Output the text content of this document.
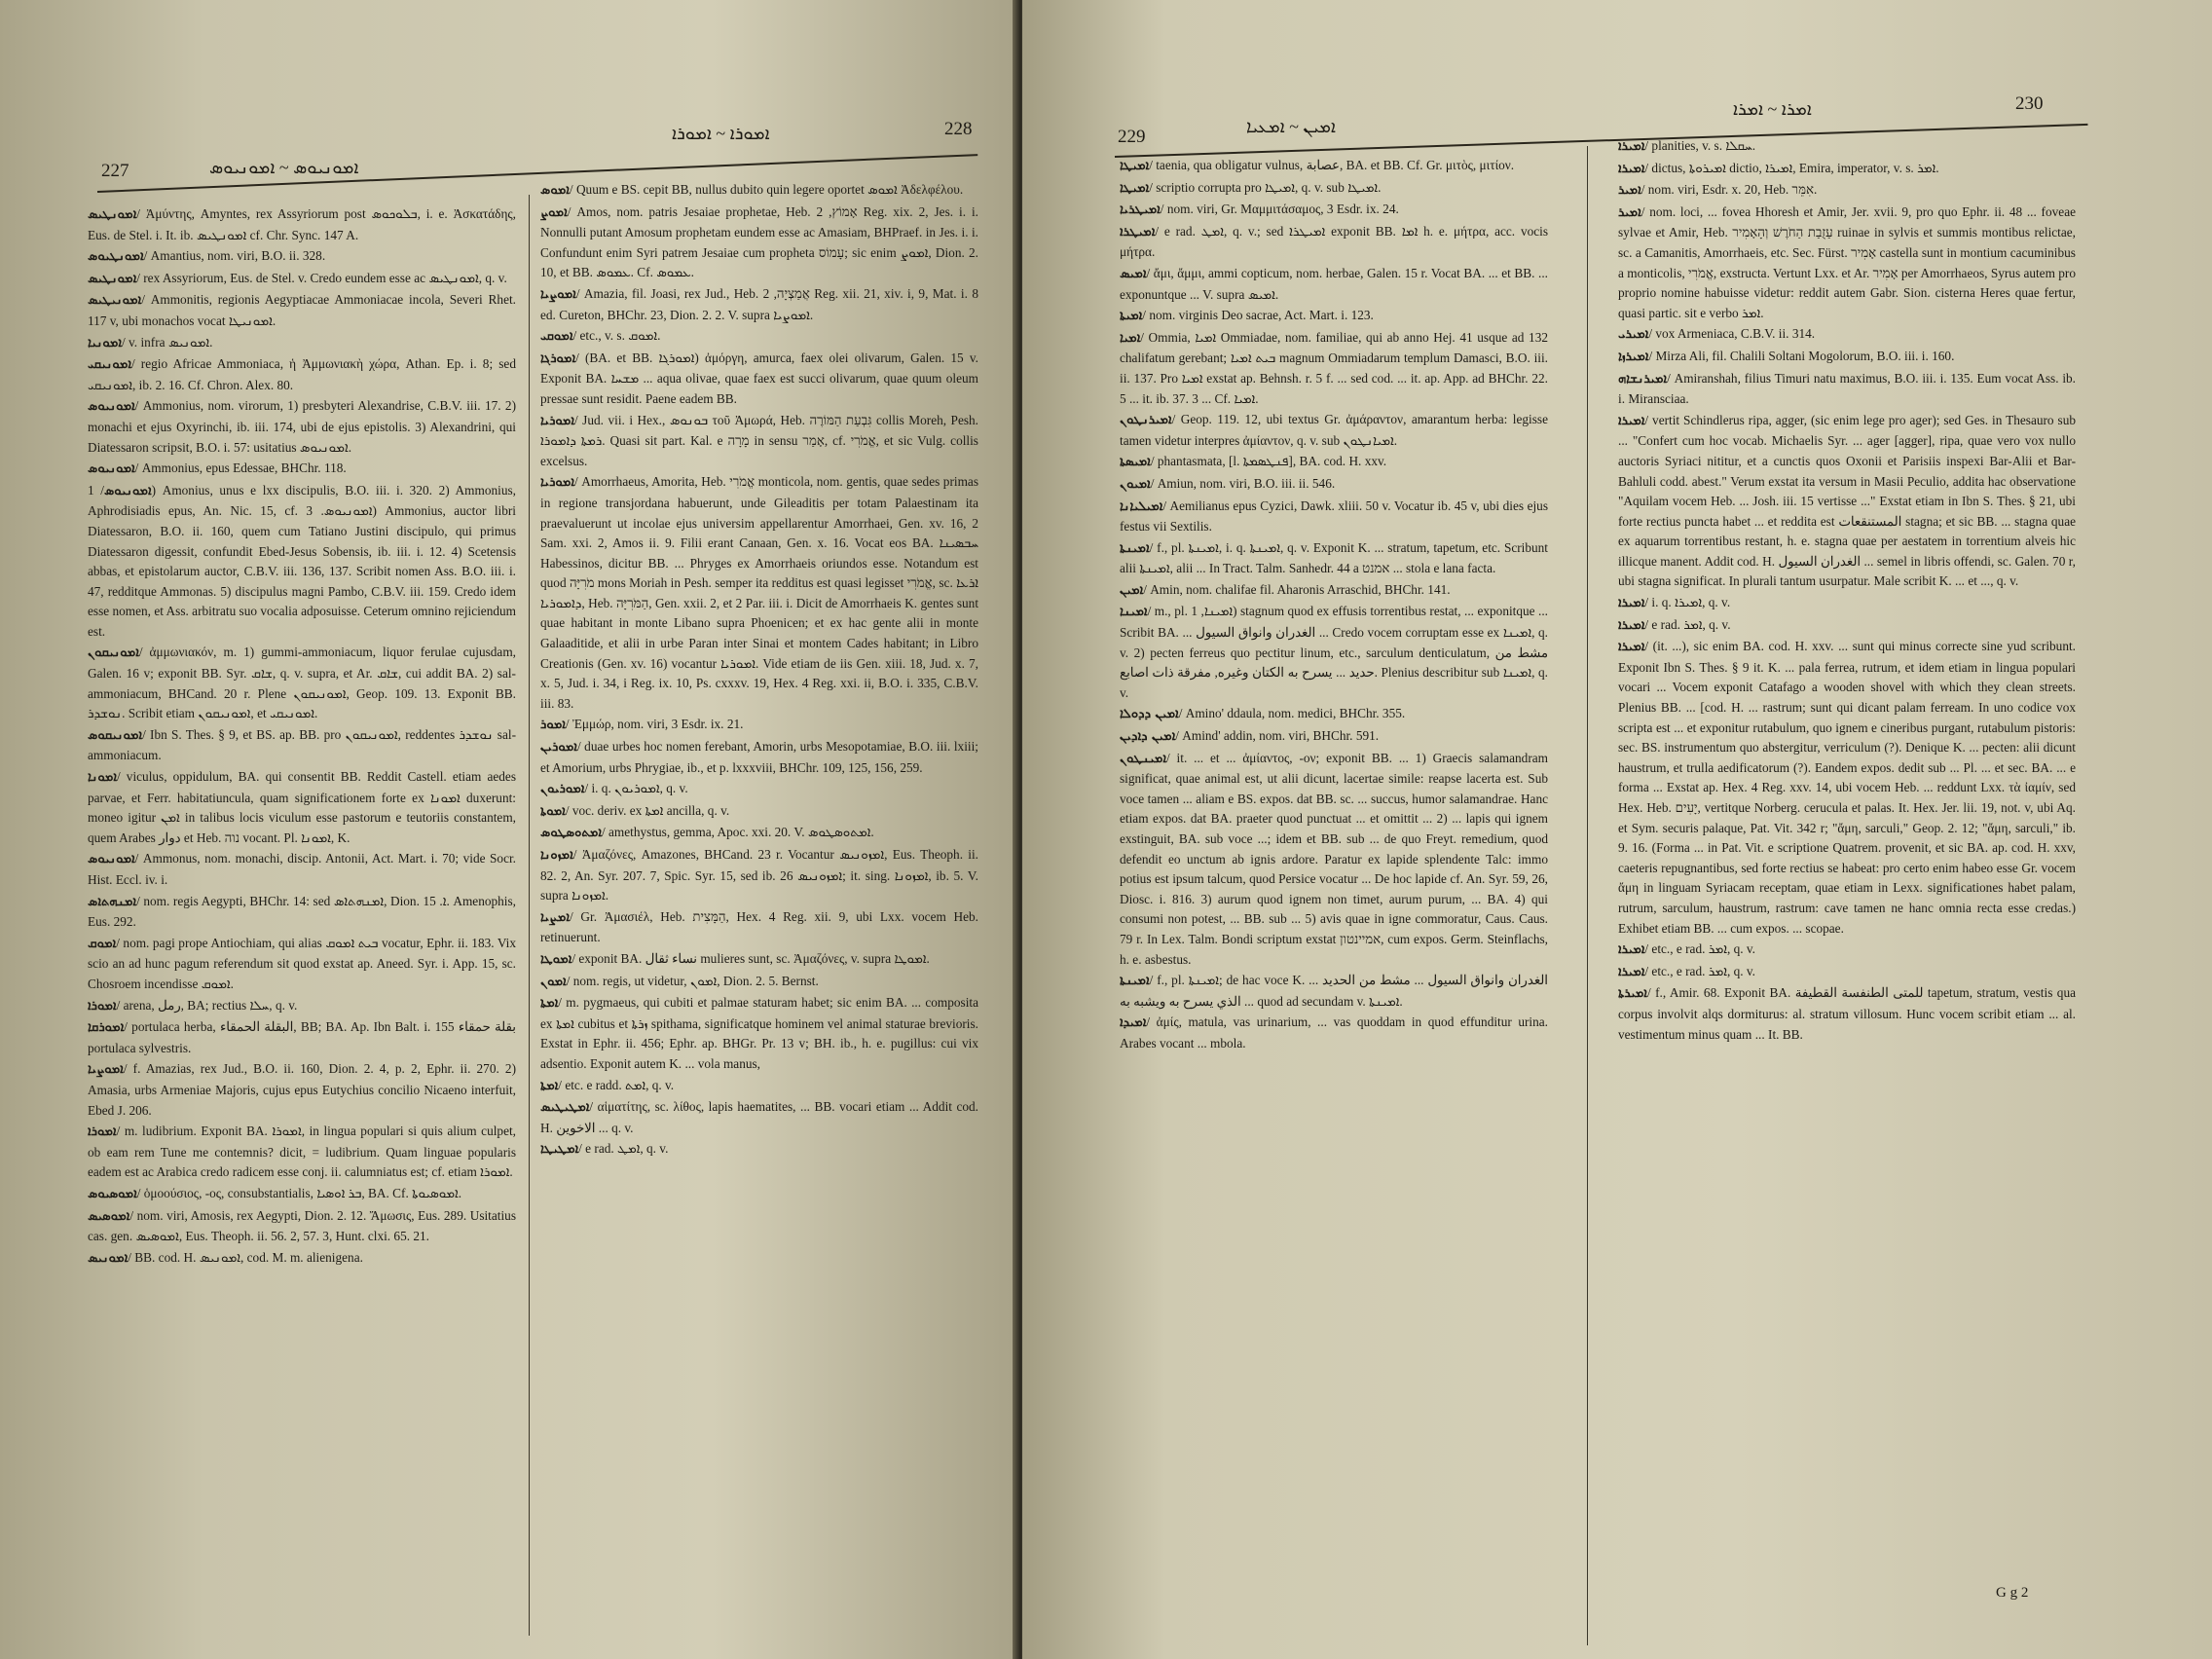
227	ܐܡܘܢܝܘܣ ~ ܐܡܘܢܝܘܣ
ܐܡܘܪܐ ~ ܐܡܘܪܐ	228

ܐܡܘܢܛܝܣ/ Ἀμύντης, Amyntes, rex Assyriorum post ܒܠܘܟܘܣ, i. e. Ἀσκατάδης, Eus. de Stel. i. It. ib. ܐܡܘܢܛܝܣ cf. Chr. Sync. 147 A.

ܐܡܘܢܛܝܘܣ/ Amantius, nom. viri, B.O. ii. 328.

ܐܡܘܢܛܝܣ/ rex Assyriorum, Eus. de Stel. v. Credo eundem esse ac ܐܡܘܢܛܝܣ, q. v.

ܐܡܘܢܝܛܝܣ/ Ammonitis, regionis Aegyptiacae Ammoniacae incola, Severi Rhet. 117 v, ubi monachos vocat ܐܡܘܢܝܛܐ.

ܐܡܘܢܝܐ/ v. infra ܐܡܘܢܝܣ.

ܐܡܘܢܝܩܝ/ regio Africae Ammoniaca, ἡ Ἀμμωνιακὴ χώρα, Athan. Ep. i. 8; sed ܐܡܘܢܝܩܝ, ib. 2. 16. Cf. Chron. Alex. 80.

ܐܡܘܢܝܘܣ/ Ammonius, nom. virorum, 1) presbyteri Alexandrise, C.B.V. iii. 17. 2) monachi et ejus Oxyrinchi, ib. iii. 174, ubi de ejus epistolis. 3) Alexandrini, qui Diatessaron scripsit, B.O. i. 57: usitatius ܐܡܘܢܝܘܣ.

ܐܡܘܢܝܘܣ/ Ammonius, epus Edessae, BHChr. 118.

ܐܡܘܢܝܘܣ/ 1) Amonius, unus e lxx discipulis, B.O. iii. i. 320. 2) Ammonius, Aphrodisiadis epus, An. Nic. 15, cf. ܐܡܘܢܝܘܣ. 3) Ammonius, auctor libri Diatessaron, B.O. ii. 160, quem cum Tatiano Justini discipulo, qui primus Diatessaron digessit, confundit Ebed-Jesus Sobensis, ib. iii. i. 12. 4) Scetensis abbas, et epistolarum auctor, C.B.V. iii. 136, 137. Scribit nomen Ass. B.O. iii. i. 47, redditque Ammonas. 5) discipulus magni Pambo, C.B.V. iii. 159. Credo idem esse nomen, et Ass. arbitratu suo vocalia adposuisse. Ceterum omnino rejiciendum est.

ܐܡܘܢܝܩܘܢ/ ἀμμωνιακόν, m. 1) gummi-ammoniacum, liquor ferulae cujusdam, Galen. 16 v; exponit BB. Syr. ܫܐܩ, q. v. supra, et Ar. ܫܐܩ, cui addit BA. 2) sal-ammoniacum, BHCand. 20 r. Plene ܐܡܘܢܝܩܘܢ, Geop. 109. 13. Exponit BB. ܢܘܫܕܪ. Scribit etiam ܐܡܘܢܝܩܘܢ, et ܐܡܘܢܝܩܝ.

ܐܡܘܢܝܩܘܣ/ Ibn S. Thes. § 9, et BS. ap. BB. pro ܐܡܘܢܝܩܘܢ, reddentes ܢܘܫܕܪ sal-ammoniacum.

ܐܡܘܢܐ/ viculus, oppidulum, BA. qui consentit BB. Reddit Castell. etiam aedes parvae, et Ferr. habitatiuncula, quam significationem forte ex ܐܡܘܢܐ duxerunt: moneo igitur ܐܡܢ in talibus locis viculum esse pastorum e teutoriis constantem, quem Arabes دوار et Heb. נוה vocant. Pl. ܐܡܘܢܐ, K.

ܐܡܘܢܝܘܣ/ Ammonus, nom. monachi, discip. Antonii, Act. Mart. i. 70; vide Socr. Hist. Eccl. iv. i.

ܐܡܢܗܬܐܣ/ nom. regis Aegypti, BHChr. 14: sed ܐܡܢܗܬܐܣ, Dion. ܐ. 15. Amenophis, Eus. 292.

ܐܡܘܩ/ nom. pagi prope Antiochiam, qui alias ܒܝܬ ܐܡܘܩ vocatur, Ephr. ii. 183. Vix scio an ad hunc pagum referendum sit quod exstat ap. Aneed. Syr. i. App. 15, sc. Chosroem incendisse ܐܡܘܩ.

ܐܡܘܪܐ/ arena, رمل, BA; rectius ܚܠܐ, q. v.

ܐܡܘܪܩܐ/ portulaca herba, البقلة الحمقاء, BB; BA. Ap. Ibn Balt. i. 155 بقلة حمقاء portulaca sylvestris.

ܐܡܘܨܝܐ/ f. Amazias, rex Jud., B.O. ii. 160, Dion. 2. 4, p. 2, Ephr. ii. 270. 2) Amasia, urbs Armeniae Majoris, cujus epus Eutychius concilio Nicaeno interfuit, Ebed J. 206.

ܐܡܘܪܐ/ m. ludibrium. Exponit BA. ܐܡܘܪܐ, in lingua populari si quis alium culpet, ob eam rem Tune me contemnis? dicit, = ludibrium. Quam linguae popularis eadem est ac Arabica credo radicem esse conj. ii. calumniatus est; cf. etiam ܐܡܘܪܐ.

ܐܡܘܣܝܘܣ/ ὁμοούσιος, -ος, consubstantialis, ܒܪ ܐܘܣܝܐ, BA. Cf. ܐܡܘܣܝܘܬܐ.

ܐܡܘܣܝܣ/ nom. viri, Amosis, rex Aegypti, Dion. 2. 12. Ἄμωσις, Eus. 289. Usitatius cas. gen. ܐܡܘܣܝܣ, Eus. Theoph. ii. 56. 2, 57. 3, Hunt. clxi. 65. 21.

ܐܡܘܢܝܣ/ BB. cod. H. ܐܡܘܢܝܣ, cod. M. m. alienigena.

ܐܡܘܣ/ Quum e BS. cepit BB, nullus dubito quin legere oportet ܐܡܘܣ Ἀδελφέλου.

ܐܡܘܨ/ Amos, nom. patris Jesaiae prophetae, Heb. אָמוֹץ, 2 Reg. xix. 2, Jes. i. i. Nonnulli putant Amosum prophetam eundem esse ac Amasiam, BHPraef. in Jes. i. i. Confundunt enim Syri patrem Jesaiae cum propheta עָמוֹס; sic enim ܐܡܘܨ, Dion. 2. 10, et BB. ܥܡܘܣ. Cf. ܥܡܘܣ.

ܐܡܘܨܝܐ/ Amazia, fil. Joasi, rex Jud., Heb. אֲמַצְיָה, 2 Reg. xii. 21, xiv. i, 9, Mat. i. 8 ed. Cureton, BHChr. 23, Dion. 2. 2. V. supra ܐܡܘܨܝܐ.

ܐܡܘܩܝ/ etc., v. s. ܐܡܘܩ.

ܐܡܘܪܓܐ/ (BA. et BB. ܐܡܘܪܓܐ) ἀμόργη, amurca, faex olei olivarum, Galen. 15 v. Exponit BA. ܡܫܚܐ ... aqua olivae, quae faex est succi olivarum, quae quum oleum pressae sunt residit. Paene eadem BB.

ܐܡܘܪܝܐ/ Jud. vii. i Hex., ܒܘܢܘܣ τοῦ Ἀμωρά, Heb. גִּבְעַת הַמּוֹרֶה collis Moreh, Pesh. ܪܡܬܐ ܕܐܡܘܪܐ. Quasi sit part. Kal. e מָרָה in sensu אָמַר, cf. אֱמֹרִי, et sic Vulg. collis excelsus.

ܐܡܘܪܝܐ/ Amorrhaeus, Amorita, Heb. אֱמֹרִי monticola, nom. gentis, quae sedes primas in regione transjordana habuerunt, unde Gileaditis per totam Palaestinam ita praevaluerunt ut incolae ejus universim appellarentur Amorrhaei, Gen. xv. 16, 2 Sam. xxi. 2, Amos ii. 9. Filii erant Canaan, Gen. x. 16. Vocat eos BA. ܚܒܣܝܢܐ Habessinos, dicitur BB. ... Phryges ex Amorrhaeis oriundos esse. Notandum est quod מֹרִיָּה mons Moriah in Pesh. semper ita redditus est quasi legisset אֱמֹרִי, sc. ܐܪܥܐ ܕܐܡܘܪܝܐ, Heb. הַמֹּרִיָּה, Gen. xxii. 2, et 2 Par. iii. i. Dicit de Amorrhaeis K. gentes sunt quae habitant in monte Libano supra Phoenicen; et ex hac gente alii in monte Galaaditide, et alii in urbe Paran inter Sinai et montem Cades habitant; in Libro Creationis (Gen. xv. 16) vocantur ܐܡܘܪܝܐ. Vide etiam de iis Gen. xiii. 18, Jud. x. 7, x. 5, Jud. i. 34, i Reg. ix. 10, Ps. cxxxv. 19, Hex. 4 Reg. xxi. ii, B.O. i. 335, C.B.V. iii. 83.

ܐܡܘܪ/ Ἐμμώρ, nom. viri, 3 Esdr. ix. 21.

ܐܡܘܪܝܢ/ duae urbes hoc nomen ferebant, Amorin, urbs Mesopotamiae, B.O. iii. lxiii; et Amorium, urbs Phrygiae, ib., et p. lxxxviii, BHChr. 109, 125, 156, 259.

ܐܡܘܪܝܘܢ/ i. q. ܐܡܘܪܝܘܢ, q. v.

ܐܡܘܬܐ/ voc. deriv. ex ܐܡܬܐ ancilla, q. v.

ܐܡܬܘܣܛܘܣ/ amethystus, gemma, Apoc. xxi. 20. V. ܐܡܬܘܣܛܘܣ.

ܐܡܙܘܢܐ/ Ἀμαζόνες, Amazones, BHCand. 23 r. Vocantur ܐܡܙܘܢܝܣ, Eus. Theoph. ii. 82. 2, An. Syr. 207. 7, Spic. Syr. 15, sed ib. 26 ܐܡܙܘܢܝܣ; it. sing. ܐܡܙܘܢܐ, ib. 5. V. supra ܐܡܙܘܢܐ.

ܐܡܨܝܐ/ Gr. Ἀμασιέλ, Heb. הַמָּצִית, Hex. 4 Reg. xii. 9, ubi Lxx. vocem Heb. retinuerunt.

ܐܡܘܛܐ/ exponit BA. نساء ثقال mulieres sunt, sc. Ἀμαζόνες, v. supra ܐܡܘܛܐ.

ܐܡܘܢ/ nom. regis, ut videtur, ܐܡܘܢ, Dion. 2. 5. Bernst.

ܐܡܬܐ/ m. pygmaeus, qui cubiti et palmae staturam habet; sic enim BA. ... composita ex ܐܡܬܐ cubitus et ܙܪܬܐ spithama, significatque hominem vel animal staturae brevioris. Exstat in Ephr. ii. 456; Ephr. ap. BHGr. Pr. 13 v; BH. ib., h. e. pugillus: cui vix adsentio. Exponit autem K. ... vola manus,

ܐܡܬܐ/ etc. e radd. ܐܡܬ, q. v.

ܐܡܛܝܛܝܣ/ αἱματίτης, sc. λίθος, lapis haematites, ... BB. vocari etiam ... Addit cod. H. الاخوين ... q. v.

ܐܡܛܝܛܐ/ e rad. ܐܡܛ, q. v.

229	ܐܡܝܢ ~ ܐܡܥܝܐ
ܐܡܪܐ ~ ܐܡܪܐ	230

ܐܡܝܛܐ/ taenia, qua obligatur vulnus, عصابة, BA. et BB. Cf. Gr. μιτὸς, μιτίον.

ܐܡܝܛܐ/ scriptio corrupta pro ܐܡܝܛܐ, q. v. sub ܐܡܝܛܐ.

ܐܡܝܛܪܝܐ/ nom. viri, Gr. Μαμμιτάσαμος, 3 Esdr. ix. 24.

ܐܡܝܛܪܐ/ e rad. ܐܡܛ, q. v.; sed ܐܡܝܛܪܐ exponit BB. ܐܡܐ h. e. μήτρα, acc. vocis μήτρα.

ܐܡܝܣ/ ἄμι, ἄμμι, ammi copticum, nom. herbae, Galen. 15 r. Vocat BA. ... et BB. ... exponuntque ... V. supra ܐܡܝܣ.

ܐܡܝܬܐ/ nom. virginis Deo sacrae, Act. Mart. i. 123.

ܐܡܝܐ/ Ommia, ܐܡܝܐ Ommiadae, nom. familiae, qui ab anno Hej. 41 usque ad 132 chalifatum gerebant; ܒܝܬ ܐܡܝܐ magnum Ommiadarum templum Damasci, B.O. iii. ii. 137. Pro ܐܡܝܐ exstat ap. Behnsh. r. 5 f. ... sed cod. ... it. ap. App. ad BHChr. 22. 5 ... it. ib. 37. 3 ... Cf. ܐܡܝܐ.

ܐܡܝܪܢܛܘܢ/ Geop. 119. 12, ubi textus Gr. ἀμάραντον, amarantum herba: legisse tamen videtur interpres ἀμίαντον, q. v. sub ܐܡܝܐܢܛܘܢ.

ܐܡܝܣܬܐ/ phantasmata, [l. ܦܢܛܣܡܬܐ], BA. cod. H. xxv.

ܐܡܝܘܢ/ Amiun, nom. viri, B.O. iii. ii. 546.

ܐܡܝܠܝܐܢܐ/ Aemilianus epus Cyzici, Dawk. xliii. 50 v. Vocatur ib. 45 v, ubi dies ejus festus vii Sextilis.

ܐܡܝܢܬܐ/ f., pl. ܐܡܝܢܬܐ, i. q. ܐܡܝܢܬܐ, q. v. Exponit K. ... stratum, tapetum, etc. Scribunt alii ܐܡܝܢܬܐ, alii ... In Tract. Talm. Sanhedr. 44 a אמנט ... stola e lana facta.

ܐܡܝܢ/ Amin, nom. chalifae fil. Aharonis Arraschid, BHChr. 141.

ܐܡܝܢܐ/ m., pl. ܐܡܝܢܐ, 1) stagnum quod ex effusis torrentibus restat, ... exponitque ... Scribit BA. ... الغدران وانواق السيول ... Credo vocem corruptam esse ex ܐܡܝܢܐ, q. v. 2) pecten ferreus quo pectitur linum, etc., sarculum denticulatum, مشط من حديد ... يسرح به الكتان وغيره, مفرقة ذات اصابع. Plenius describitur sub ܐܡܝܢܐ, q. v.

ܐܡܝܢ ܕܕܘܠܐ/ Amino' ddaula, nom. medici, BHChr. 355.

ܐܡܝܢ ܕܐܕܝܢ/ Amind' addin, nom. viri, BHChr. 591.

ܐܡܝܢܛܘܢ/ it. ... et ... ἀμίαντος, -ον; exponit BB. ... 1) Graecis salamandram significat, quae animal est, ut alii dicunt, lacertae simile: reapse lacerta est. Sub voce tamen ... aliam e BS. expos. dat BB. sc. ... succus, humor salamandrae. Hanc etiam expos. dat BA. praeter quod punctuat ... et omittit ... 2) ... lapis qui ignem exstinguit, BA. sub voce ...; idem et BB. sub ... de quo Freyt. remedium, quod defendit eo unctum ab ignis ardore. Paratur ex lapide splendente Talc: immo potius est ipsum talcum, quod Persice vocatur ... De hoc lapide cf. An. Syr. 59, 26, Diosc. i. 816. 3) aurum quod ignem non timet, aurum purum, ... BA. 4) qui consumi non potest, ... BB. sub ... 5) avis quae in igne commoratur, Caus. Caus. 79 r. In Lex. Talm. Bondi scriptum exstat אמיינטון, cum expos. Germ. Steinflachs, h. e. asbestus.

ܐܡܝܢܬܐ/ f., pl. ܐܡܝܢܬܐ; de hac voce K. ... الغدران وانواق السيول ... مشط من الحديد الذي يسرح به ويشبه به ... quod ad secundam v. ܐܡܝܢܬܐ.

ܐܡܝܕܐ/ ἀμίς, matula, vas urinarium, ... vas quoddam in quod effunditur urina. Arabes vocant ... mbola.

ܐܡܝܪܐ/ planities, v. s. ܚܩܠܐ.

ܐܡܝܪܐ/ dictus, ܐܡܝܪܘܬܐ dictio, ܐܡܝܪܐ, Emira, imperator, v. s. ܐܡܪ.

ܐܡܝܪ/ nom. viri, Esdr. x. 20, Heb. אִמֵּר.

ܐܡܝܪ/ nom. loci, ... fovea Hhoresh et Amir, Jer. xvii. 9, pro quo Ephr. ii. 48 ... foveae sylvae et Amir, Heb. עַזֻבַת הַחֹרֶשׁ וְהָאָמִיר ruinae in sylvis et summis montibus relictae, sc. a Camanitis, Amorrhaeis, etc. Sec. Fürst. אָמִיר castella sunt in montium cacuminibus a monticolis, אֱמֹרִי, exstructa. Vertunt Lxx. et Ar. אָמִיר per Amorrhaeos, Syrus autem pro proprio nomine habuisse videtur: reddit autem Gabr. Sion. cisterna Heres quae fertur, quasi partic. sit e verbo ܐܡܪ.

ܐܡܝܪܝ/ vox Armeniaca, C.B.V. ii. 314.

ܐܡܝܪܙܐ/ Mirza Ali, fil. Chalili Soltani Mogolorum, B.O. iii. i. 160.

ܐܡܝܪܢܫܐܗ/ Amiranshah, filius Timuri natu maximus, B.O. iii. i. 135. Eum vocat Ass. ib. i. Miransciaa.

ܐܡܝܪܐ/ vertit Schindlerus ripa, agger, (sic enim lege pro ager); sed Ges. in Thesauro sub ... "Confert cum hoc vocab. Michaelis Syr. ... ager [agger], ripa, quae vero vox nullo auctoris Syriaci nititur, et a cunctis quos Oxonii et Parisiis inspexi Bar-Alii et Bar-Bahluli codd. abest." Verum exstat ita versum in Masii Peculio, addita hac observatione "Aquilam vocem Heb. ... Josh. iii. 15 vertisse ..." Exstat etiam in Ibn S. Thes. § 21, ubi forte rectius puncta habet ... et reddita est المستنقعات stagna; et sic BB. ... stagna quae ex aquarum torrentibus restant, h. e. stagna quae per aestatem in torrentium alveis hic illicque manent. Addit cod. H. الغدران السيول ... semel in libris offendi, sc. Galen. 70 r, ubi stagna significat. In plurali tantum usurpatur. Male scribit K. ... et ..., q. v.

ܐܡܝܪܐ/ i. q. ܐܡܝܪܐ, q. v.

ܐܡܝܪܐ/ e rad. ܐܡܪ, q. v.

ܐܡܝܪܐ/ (it. ...), sic enim BA. cod. H. xxv. ... sunt qui minus correcte sine yud scribunt. Exponit Ibn S. Thes. § 9 it. K. ... pala ferrea, rutrum, et idem etiam in lingua populari vocari ... Vocem exponit Catafago a wooden shovel with which they clean streets. Plenius BB. ... [cod. H. ... rastrum; sunt qui dicant palam ferream. In uno codice vox scripta est ... et exponitur rutabulum, quo ignem e cineribus purgant, rutabulum pistoris: sec. BS. instrumentum quo abstergitur, verriculum (?). Denique K. ... pecten: alii dicunt haustrum, et trulla aedificatorum (?). Eandem expos. dedit sub ... Pl. ... et sec. BA. ... e forma ... Exstat ap. Hex. 4 Reg. xxv. 14, ubi vocem Heb. ... reddunt Lxx. τὰ ἰαμίν, sed Hex. Heb. יָעִים, vertitque Norberg. cerucula et palas. It. Hex. Jer. lii. 19, not. v, ubi Aq. et Sym. securis palaque, Pat. Vit. 342 r; "ἄμη, sarculi," Geop. 2. 12; "ἄμη, sarculi," ib. 9. 16. (Forma ... in Pat. Vit. e scriptione Quatrem. provenit, et sic BA. ap. cod. H. xxv, caeteris repugnantibus, sed forte rectius se habeat: pro certo enim habeo esse Gr. vocem ἄμη in linguam Syriacam receptam, quae etiam in Lexx. significationes habet palam, rutrum, sarculum, haustrum, rastrum: cave tamen ne hanc omnia recta esse credas.) Exhibet etiam BB. ... cum expos. ... scopae.

ܐܡܝܪܐ/ etc., e rad. ܐܡܪ, q. v.

ܐܡܝܪܐ/ etc., e rad. ܐܡܪ, q. v.

ܐܡܝܪܬܐ/ f., Amir. 68. Exponit BA. للمتى الطنفسة القطيفة tapetum, stratum, vestis qua corpus involvit alqs dormiturus: al. stratum villosum. Hunc vocem scribit etiam ... al. vestimentum minus quam ... It. BB.

G g 2
